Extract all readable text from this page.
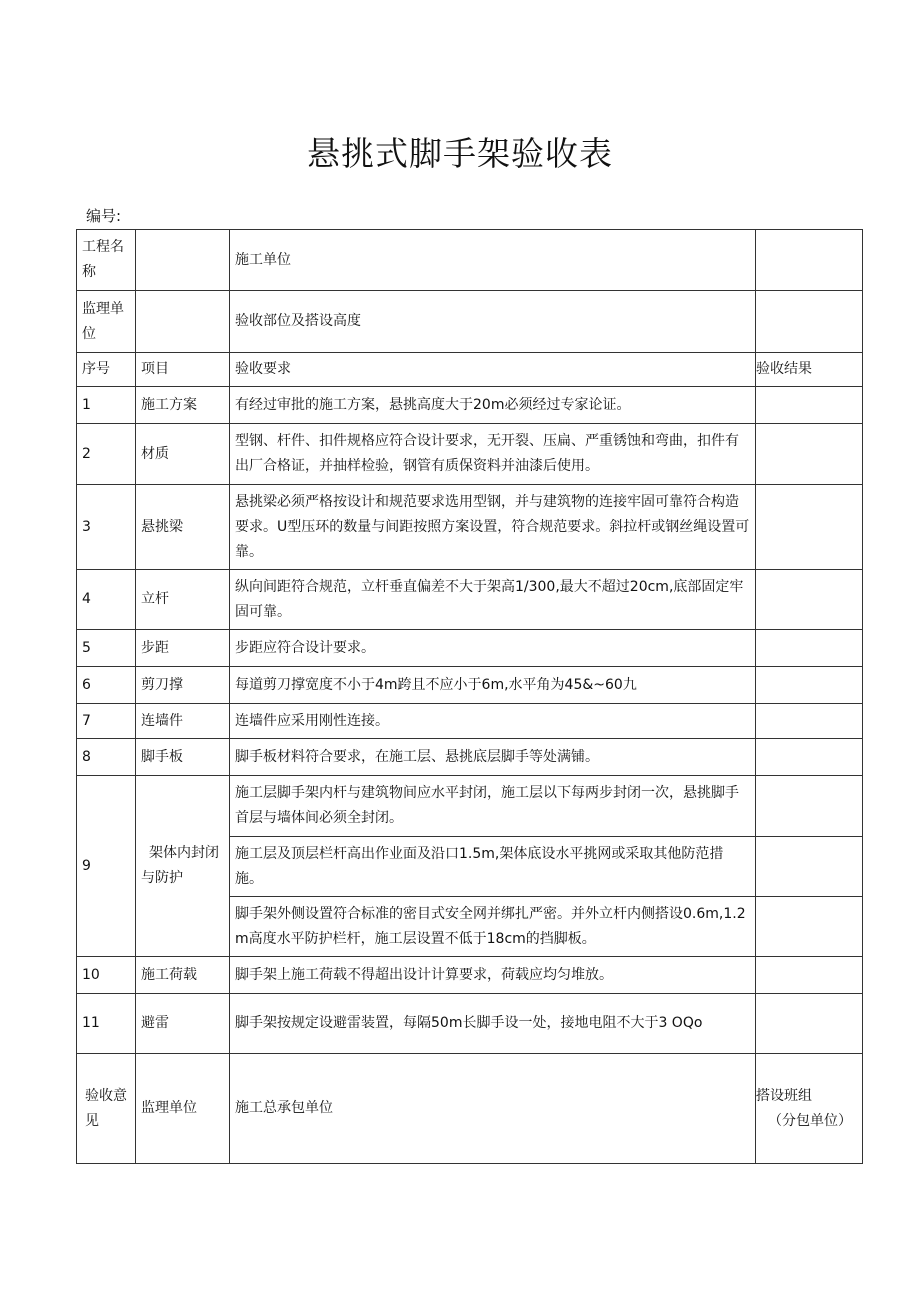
悬挑式脚手架验收表
编号:
工程名称		施工单位	
监理单位		验收部位及搭设高度	
序号	项目	验收要求	验收结果
1	施工方案	有经过审批的施工方案，悬挑高度大于20m必须经过专家论证。	
2	材质	型钢、杆件、扣件规格应符合设计要求，无开裂、压扁、严重锈蚀和弯曲，扣件有出厂合格证，并抽样检验，钢管有质保资料并油漆后使用。	
3	悬挑梁	悬挑梁必须严格按设计和规范要求选用型钢，并与建筑物的连接牢固可靠符合构造要求。U型压环的数量与间距按照方案设置，符合规范要求。斜拉杆或钢丝绳设置可靠。	
4	立杆	纵向间距符合规范，立杆垂直偏差不大于架高1/300,最大不超过20cm,底部固定牢固可靠。	
5	步距	步距应符合设计要求。	
6	剪刀撑	每道剪刀撑宽度不小于4m跨且不应小于6m,水平角为45&~60九	
7	连墙件	连墙件应采用刚性连接。	
8	脚手板	脚手板材料符合要求，在施工层、悬挑底层脚手等处满铺。	
9	架体内封闭与防护	施工层脚手架内杆与建筑物间应水平封闭，施工层以下每两步封闭一次，悬挑脚手首层与墙体间必须全封闭。	
		施工层及顶层栏杆高出作业面及沿口1.5m,架体底设水平挑网或采取其他防范措施。	
		脚手架外侧设置符合标准的密目式安全网并绑扎严密。并外立杆内侧搭设0.6m,1.2m高度水平防护栏杆，施工层设置不低于18cm的挡脚板。	
10	施工荷载	脚手架上施工荷载不得超出设计计算要求，荷载应均匀堆放。	
11	避雷	脚手架按规定设避雷装置，每隔50m长脚手设一处，接地电阻不大于3 OQo	
验收意见	监理单位	施工总承包单位	搭设班组
（分包单位）
